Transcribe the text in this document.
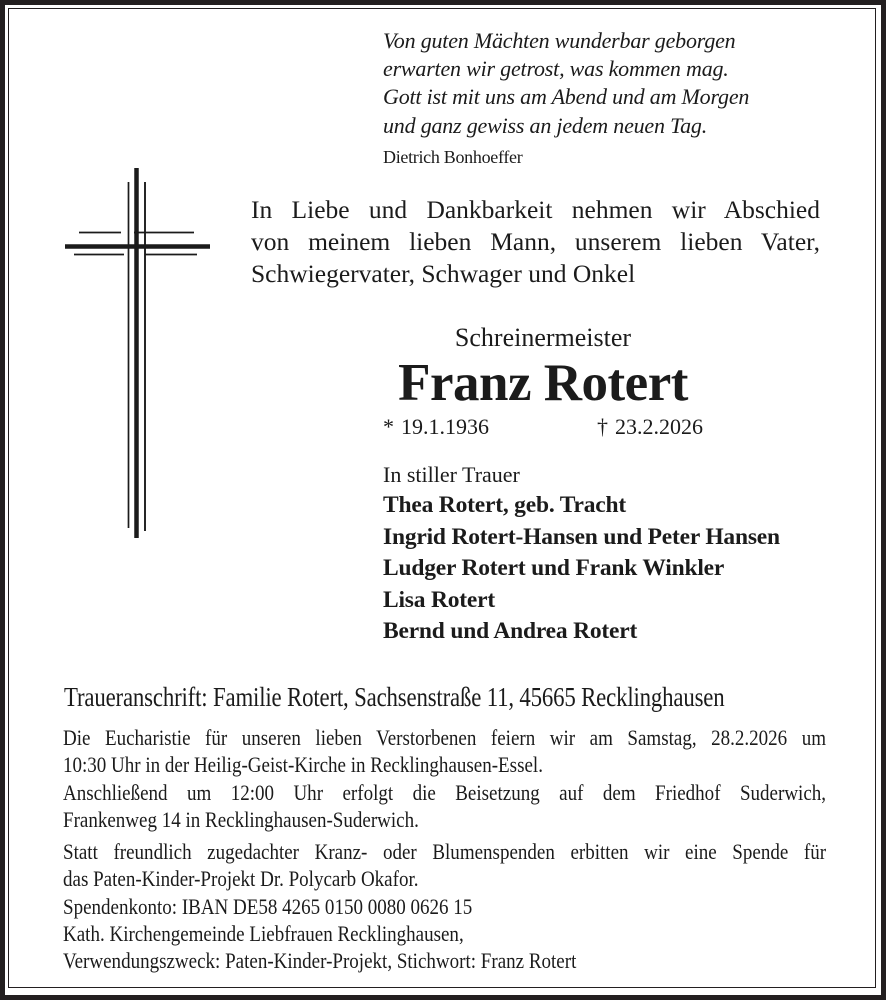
Von guten Mächten wunderbar geborgen
erwarten wir getrost, was kommen mag.
Gott ist mit uns am Abend und am Morgen
und ganz gewiss an jedem neuen Tag.
Dietrich Bonhoeffer
In Liebe und Dankbarkeit nehmen wir Abschied
von meinem lieben Mann, unserem lieben Vater,
Schwiegervater, Schwager und Onkel
Schreinermeister
Franz Rotert
* 19.1.1936	† 23.2.2026
In stiller Trauer
Thea Rotert, geb. Tracht
Ingrid Rotert-Hansen und Peter Hansen
Ludger Rotert und Frank Winkler
Lisa Rotert
Bernd und Andrea Rotert
Traueranschrift: Familie Rotert, Sachsenstraße 11, 45665 Recklinghausen
Die Eucharistie für unseren lieben Verstorbenen feiern wir am Samstag, 28.2.2026 um
10:30 Uhr in der Heilig-Geist-Kirche in Recklinghausen-Essel.
Anschließend um 12:00 Uhr erfolgt die Beisetzung auf dem Friedhof Suderwich,
Frankenweg 14 in Recklinghausen-Suderwich.
Statt freundlich zugedachter Kranz- oder Blumenspenden erbitten wir eine Spende für
das Paten-Kinder-Projekt Dr. Polycarb Okafor.
Spendenkonto: IBAN DE58 4265 0150 0080 0626 15
Kath. Kirchengemeinde Liebfrauen Recklinghausen,
Verwendungszweck: Paten-Kinder-Projekt, Stichwort: Franz Rotert
